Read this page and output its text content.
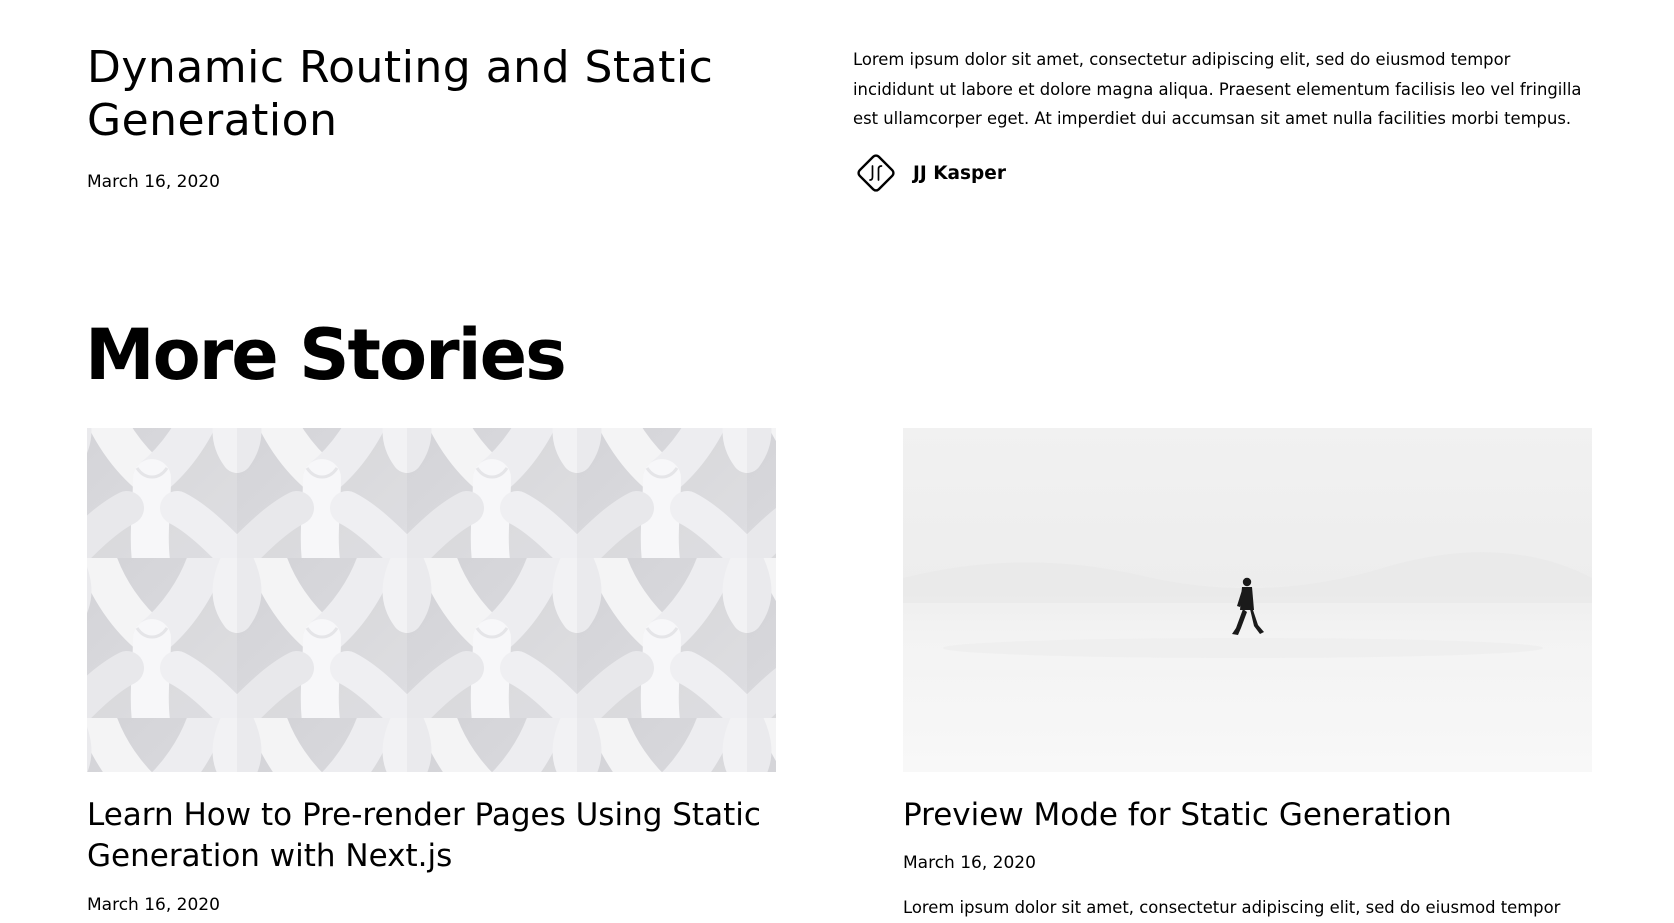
Dynamic Routing and Static Generation
March 16, 2020

Lorem ipsum dolor sit amet, consectetur adipiscing elit, sed do eiusmod tempor incididunt ut labore et dolore magna aliqua. Praesent elementum facilisis leo vel fringilla est ullamcorper eget. At imperdiet dui accumsan sit amet nulla facilities morbi tempus.

JJ Kasper
More Stories
Learn How to Pre-render Pages Using Static Generation with Next.js
March 16, 2020
Preview Mode for Static Generation
March 16, 2020

Lorem ipsum dolor sit amet, consectetur adipiscing elit, sed do eiusmod tempor
